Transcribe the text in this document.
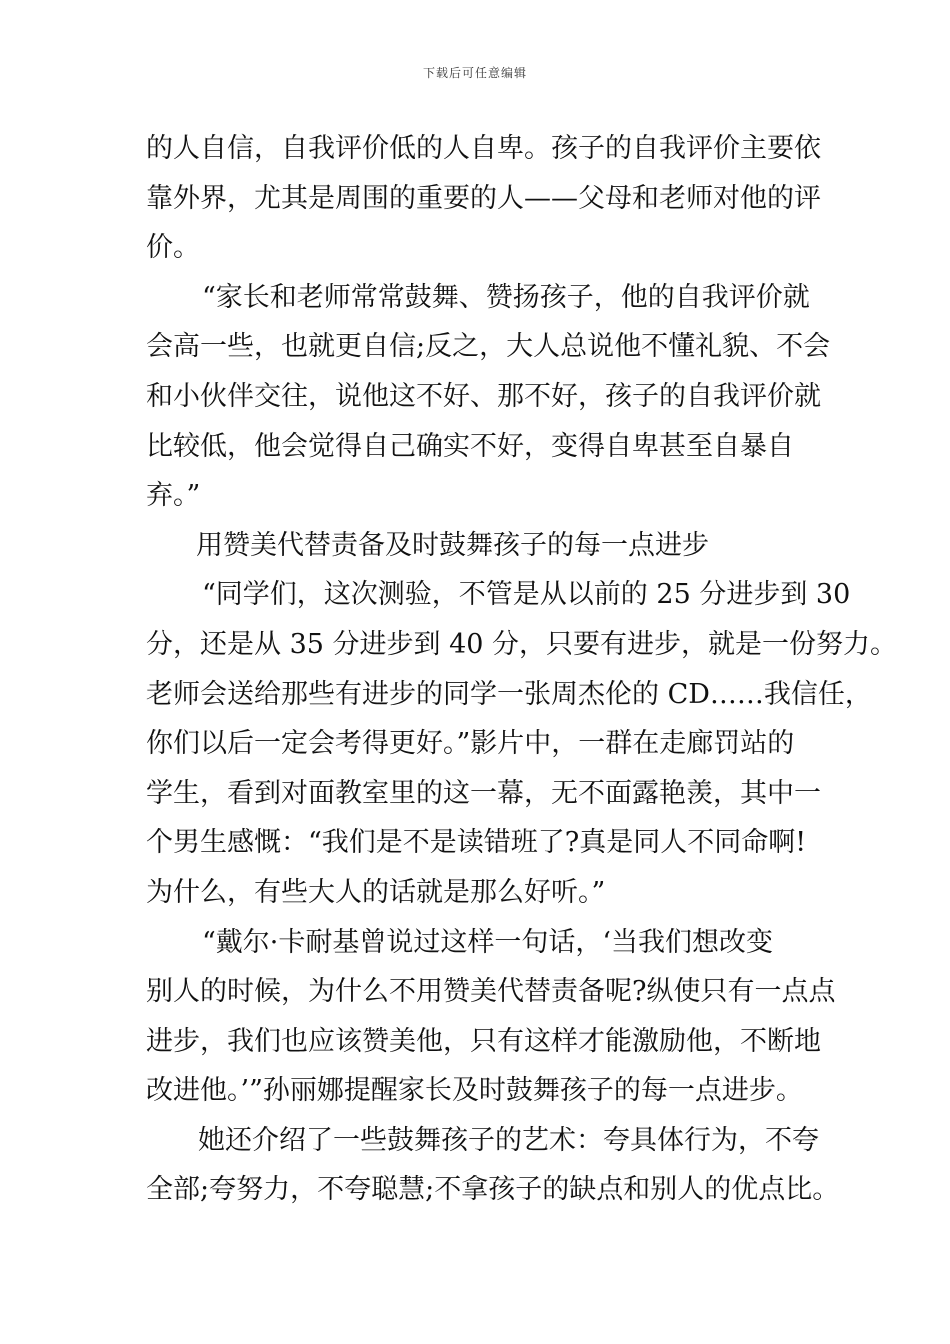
下载后可任意编辑
的人自信，自我评价低的人自卑。孩子的自我评价主要依
靠外界，尤其是周围的重要的人——父母和老师对他的评
价。
“家长和老师常常鼓舞、赞扬孩子，他的自我评价就
会高一些，也就更自信;反之，大人总说他不懂礼貌、不会
和小伙伴交往，说他这不好、那不好，孩子的自我评价就
比较低，他会觉得自己确实不好，变得自卑甚至自暴自
弃。”
用赞美代替责备及时鼓舞孩子的每一点进步
“同学们，这次测验，不管是从以前的 25 分进步到 30
分，还是从 35 分进步到 40 分，只要有进步，就是一份努力。
老师会送给那些有进步的同学一张周杰伦的 CD……我信任，
你们以后一定会考得更好。”影片中，一群在走廊罚站的
学生，看到对面教室里的这一幕，无不面露艳羡，其中一
个男生感慨：“我们是不是读错班了?真是同人不同命啊!
为什么，有些大人的话就是那么好听。”
“戴尔·卡耐基曾说过这样一句话，‘当我们想改变
别人的时候，为什么不用赞美代替责备呢?纵使只有一点点
进步，我们也应该赞美他，只有这样才能激励他，不断地
改进他。’”孙丽娜提醒家长及时鼓舞孩子的每一点进步。
她还介绍了一些鼓舞孩子的艺术：夸具体行为，不夸
全部;夸努力，不夸聪慧;不拿孩子的缺点和别人的优点比。
